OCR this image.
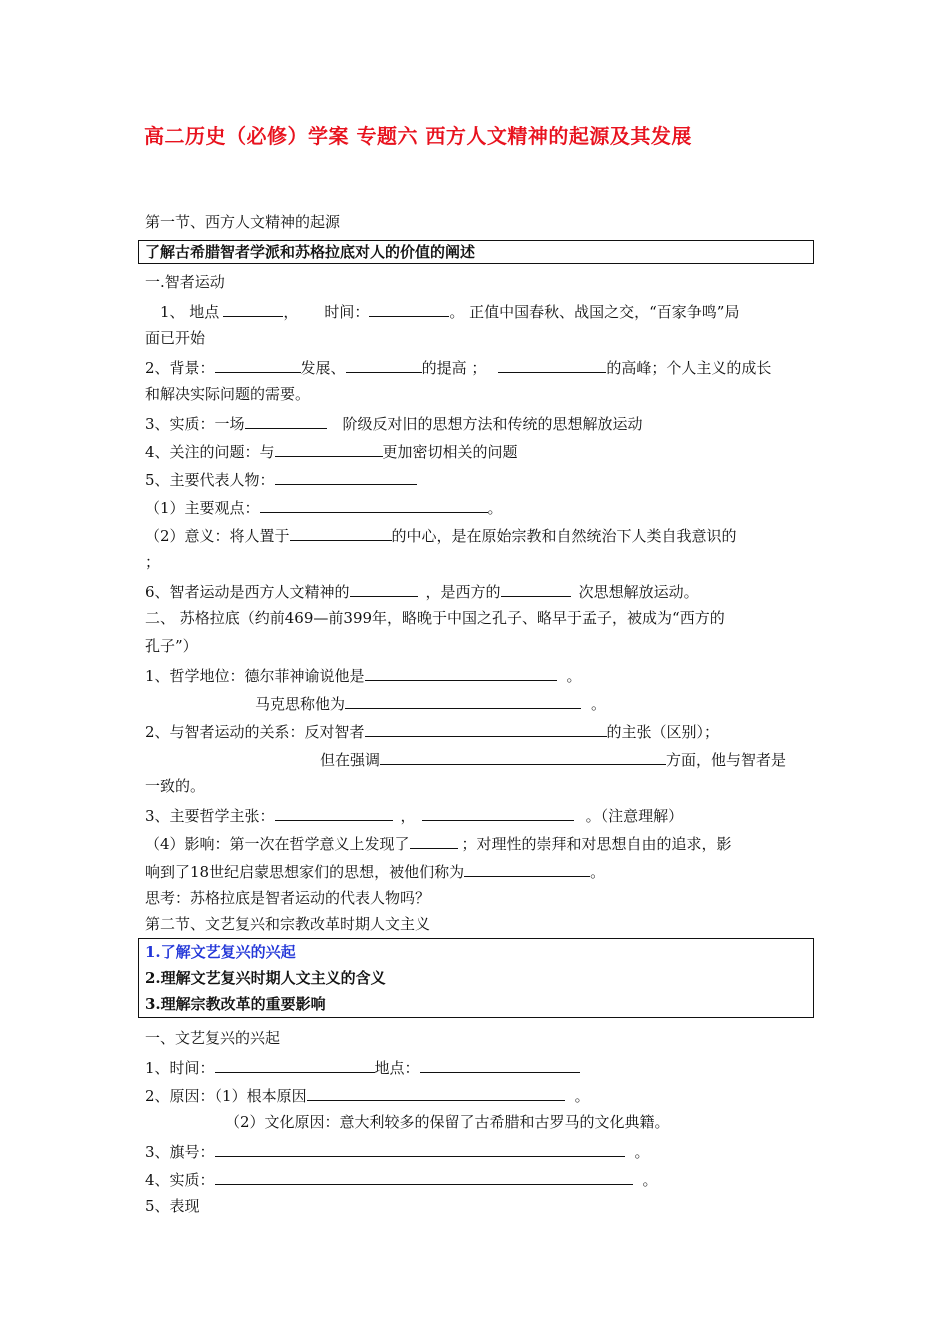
高二历史（必修）学案 专题六 西方人文精神的起源及其发展
第一节、西方人文精神的起源
了解古希腊智者学派和苏格拉底对人的价值的阐述
一.智者运动
1、 地点	， 时间：	。 正值中国春秋、战国之交，“百家争鸣”局
面已开始
2、背景：	发展、	的提高 ；	的高峰；个人主义的成长
和解决实际问题的需要。
3、实质：一场	阶级反对旧的思想方法和传统的思想解放运动
4、关注的问题：与	更加密切相关的问题
5、主要代表人物：
（1）主要观点：	。
（2）意义：将人置于	的中心，是在原始宗教和自然统治下人类自我意识的
；
6、智者运动是西方人文精神的	，是西方的	次思想解放运动。
二、 苏格拉底（约前469—前399年，略晚于中国之孔子、略早于孟子，被成为“西方的
孔子”）
1、哲学地位：德尔菲神谕说他是	。
马克思称他为	。
2、与智者运动的关系：反对智者	的主张（区别）；
但在强调	方面，他与智者是
一致的。
3、主要哲学主张：	，	。（注意理解）
（4）影响：第一次在哲学意义上发现了	；对理性的崇拜和对思想自由的追求，影
响到了18世纪启蒙思想家们的思想，被他们称为	。
思考：苏格拉底是智者运动的代表人物吗？
第二节、文艺复兴和宗教改革时期人文主义
1.了解文艺复兴的兴起
2.理解文艺复兴时期人文主义的含义
3.理解宗教改革的重要影响
一、文艺复兴的兴起
1、时间：	地点：
2、原因：（1）根本原因	。
（2）文化原因：意大利较多的保留了古希腊和古罗马的文化典籍。
3、旗号：	。
4、实质：	。
5、表现
